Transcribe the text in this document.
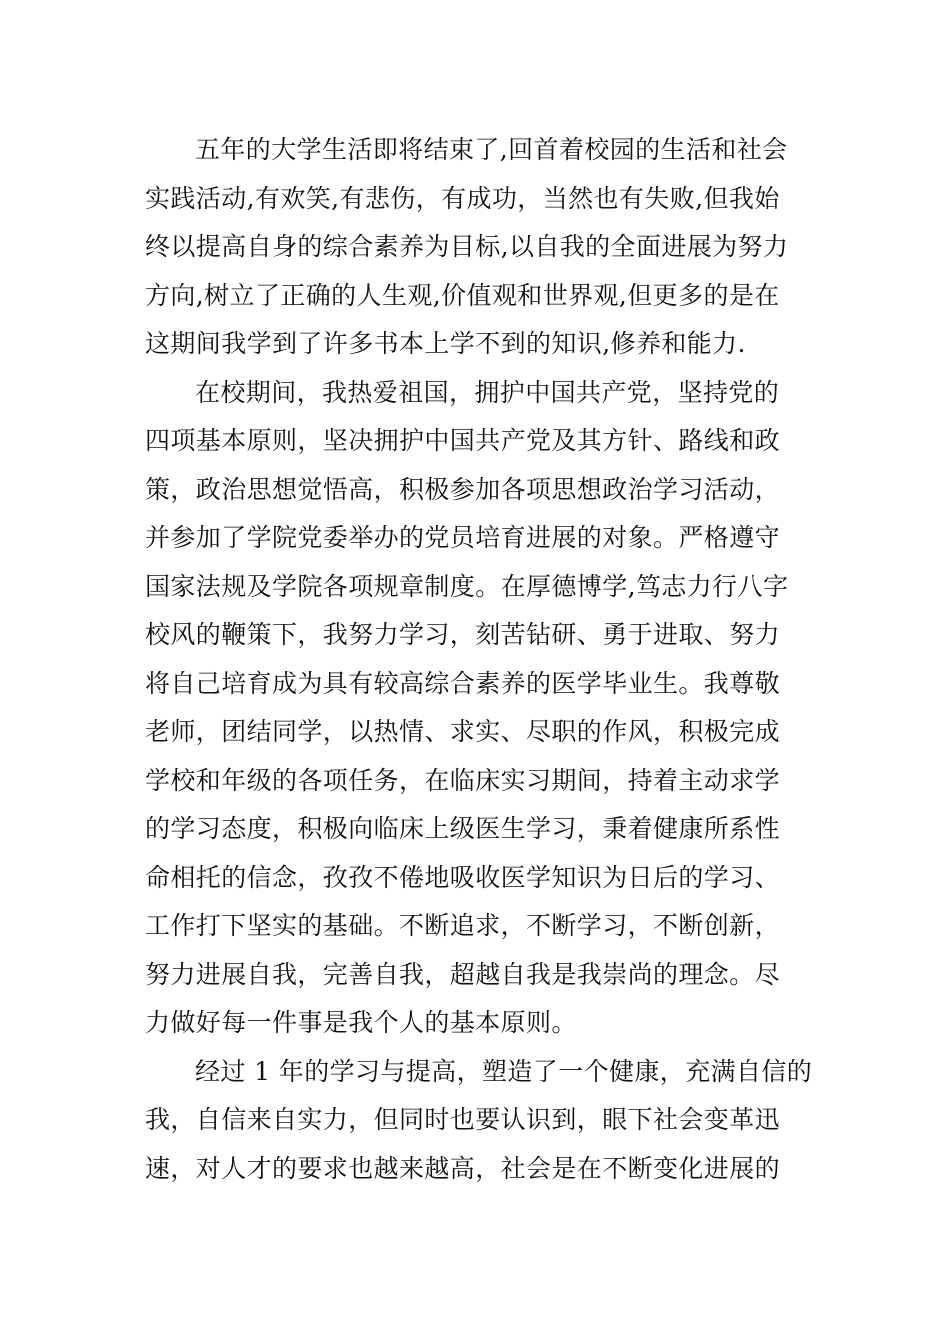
五年的大学生活即将结束了,回首着校园的生活和社会
实践活动,有欢笑,有悲伤，有成功，当然也有失败,但我始
终以提高自身的综合素养为目标,以自我的全面进展为努力
方向,树立了正确的人生观,价值观和世界观,但更多的是在
这期间我学到了许多书本上学不到的知识,修养和能力.

在校期间，我热爱祖国，拥护中国共产党，坚持党的
四项基本原则，坚决拥护中国共产党及其方针、路线和政
策，政治思想觉悟高，积极参加各项思想政治学习活动，
并参加了学院党委举办的党员培育进展的对象。严格遵守
国家法规及学院各项规章制度。在厚德博学,笃志力行八字
校风的鞭策下，我努力学习，刻苦钻研、勇于进取、努力
将自己培育成为具有较高综合素养的医学毕业生。我尊敬
老师，团结同学，以热情、求实、尽职的作风，积极完成
学校和年级的各项任务，在临床实习期间，持着主动求学
的学习态度，积极向临床上级医生学习，秉着健康所系性
命相托的信念，孜孜不倦地吸收医学知识为日后的学习、
工作打下坚实的基础。不断追求，不断学习，不断创新，
努力进展自我，完善自我，超越自我是我崇尚的理念。尽
力做好每一件事是我个人的基本原则。

经过 1 年的学习与提高，塑造了一个健康，充满自信的
我，自信来自实力，但同时也要认识到，眼下社会变革迅
速，对人才的要求也越来越高，社会是在不断变化进展的
